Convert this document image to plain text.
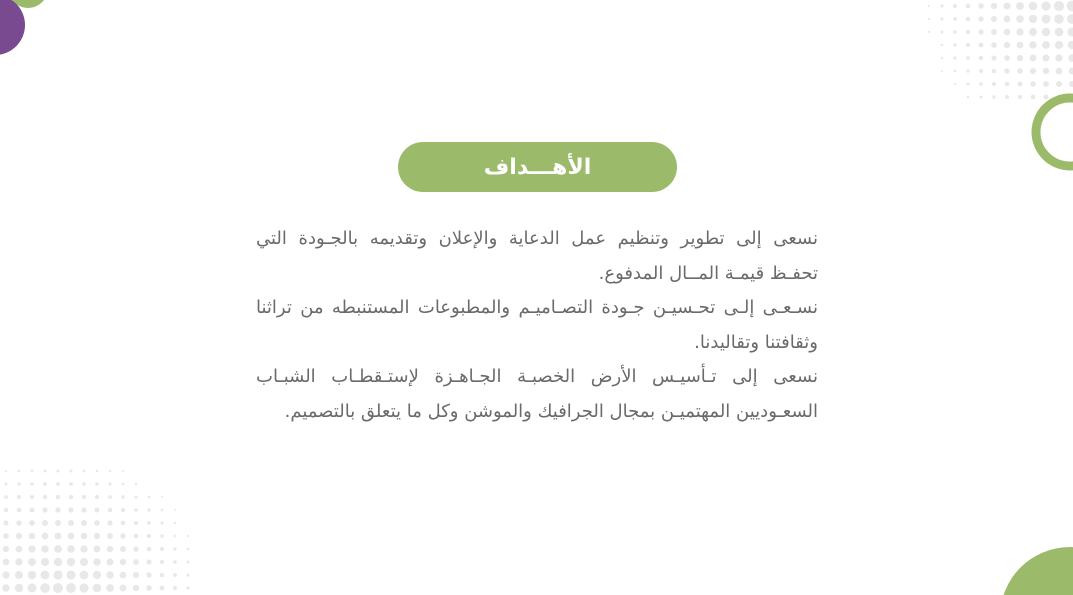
الأهـــداف

نسعى إلى تطوير وتنظيم عمل الدعاية والإعلان وتقديمه بالجـودة التي تحفـظ قيمـة المــال المدفوع.

نسـعـى إلـى تحـسيـن جـودة التصـاميـم والمطبوعات المستنبطه من تراثنا وثقافتنا وتقاليدنا.

نسعى إلى تـأسيـس الأرض الخصبـة الجـاهـزة لإستـقطـاب الشبـاب السعـوديين المهتميـن بمجال الجرافيك والموشن وكل ما يتعلق بالتصميم.
